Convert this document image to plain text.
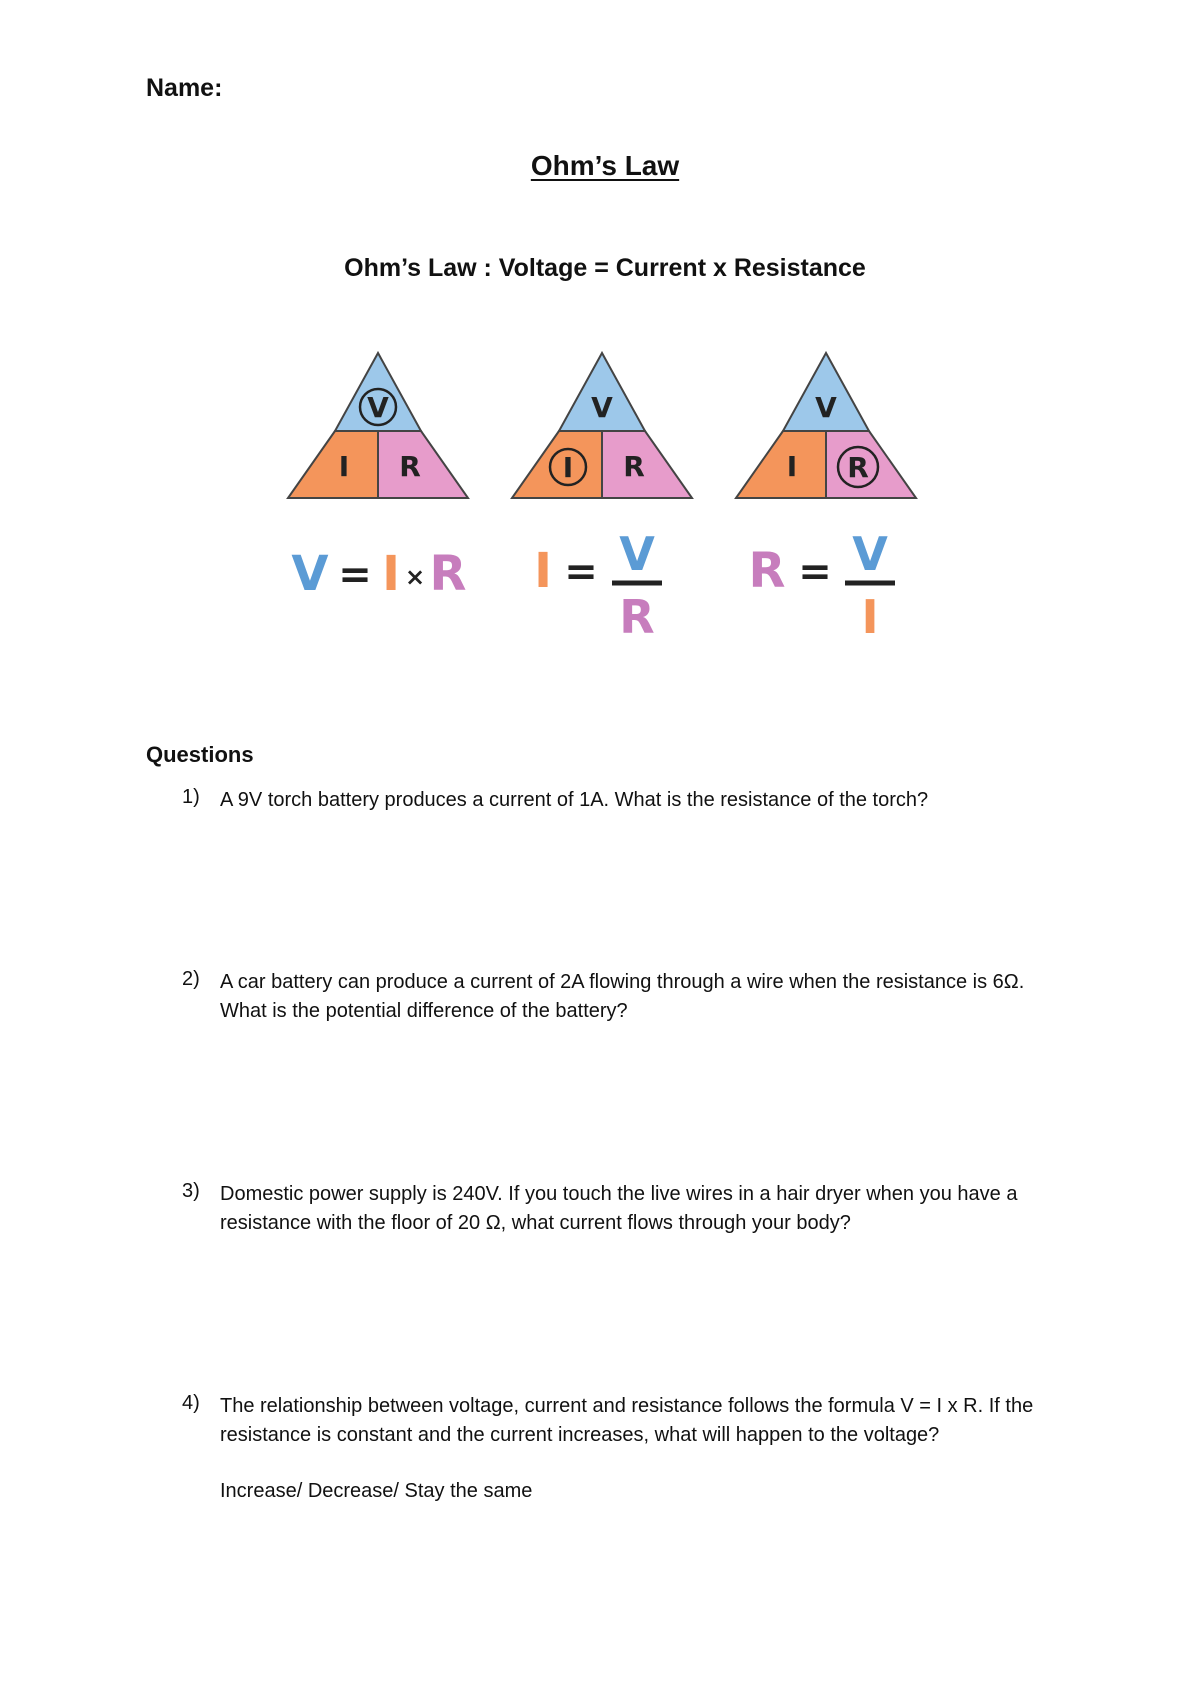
Name:
Ohm’s Law
Ohm’s Law : Voltage = Current x Resistance
V
I R
V
I R
V
I R
V = I × R I = V
R
R = V
I
Questions
1) A 9V torch battery produces a current of 1A. What is the resistance of the torch?
2) A car battery can produce a current of 2A flowing through a wire when the resistance is 6Ω. What is the potential difference of the battery?
3) Domestic power supply is 240V. If you touch the live wires in a hair dryer when you have a resistance with the floor of 20 Ω, what current flows through your body?
4) The relationship between voltage, current and resistance follows the formula V = I x R. If the resistance is constant and the current increases, what will happen to the voltage?
Increase/ Decrease/ Stay the same
